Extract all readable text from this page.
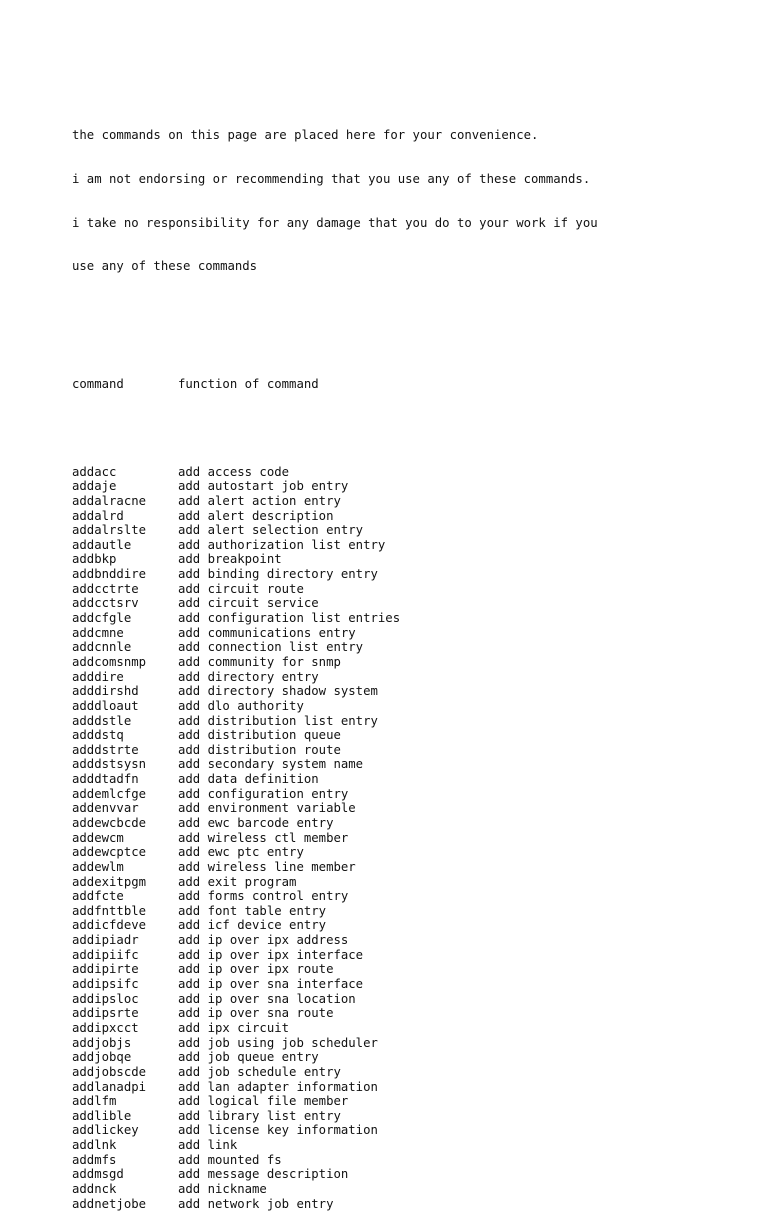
the commands on this page are placed here for your convenience.

i am not endorsing or recommending that you use any of these commands.

i take no responsibility for any damage that you do to your work if you

use any of these commands

command	function of command

addacc	add access code
addaje	add autostart job entry
addalracne	add alert action entry
addalrd	add alert description
addalrslte	add alert selection entry
addautle	add authorization list entry
addbkp	add breakpoint
addbnddire	add binding directory entry
addcctrte	add circuit route
addcctsrv	add circuit service
addcfgle	add configuration list entries
addcmne	add communications entry
addcnnle	add connection list entry
addcomsnmp	add community for snmp
adddire	add directory entry
adddirshd	add directory shadow system
adddloaut	add dlo authority
adddstle	add distribution list entry
adddstq	add distribution queue
adddstrte	add distribution route
adddstsysn	add secondary system name
adddtadfn	add data definition
addemlcfge	add configuration entry
addenvvar	add environment variable
addewcbcde	add ewc barcode entry
addewcm	add wireless ctl member
addewcptce	add ewc ptc entry
addewlm	add wireless line member
addexitpgm	add exit program
addfcte	add forms control entry
addfnttble	add font table entry
addicfdeve	add icf device entry
addipiadr	add ip over ipx address
addipiifc	add ip over ipx interface
addipirte	add ip over ipx route
addipsifc	add ip over sna interface
addipsloc	add ip over sna location
addipsrte	add ip over sna route
addipxcct	add ipx circuit
addjobjs	add job using job scheduler
addjobqe	add job queue entry
addjobscde	add job schedule entry
addlanadpi	add lan adapter information
addlfm	add logical file member
addlible	add library list entry
addlickey	add license key information
addlnk	add link
addmfs	add mounted fs
addmsgd	add message description
addnck	add nickname
addnetjobe	add network job entry
